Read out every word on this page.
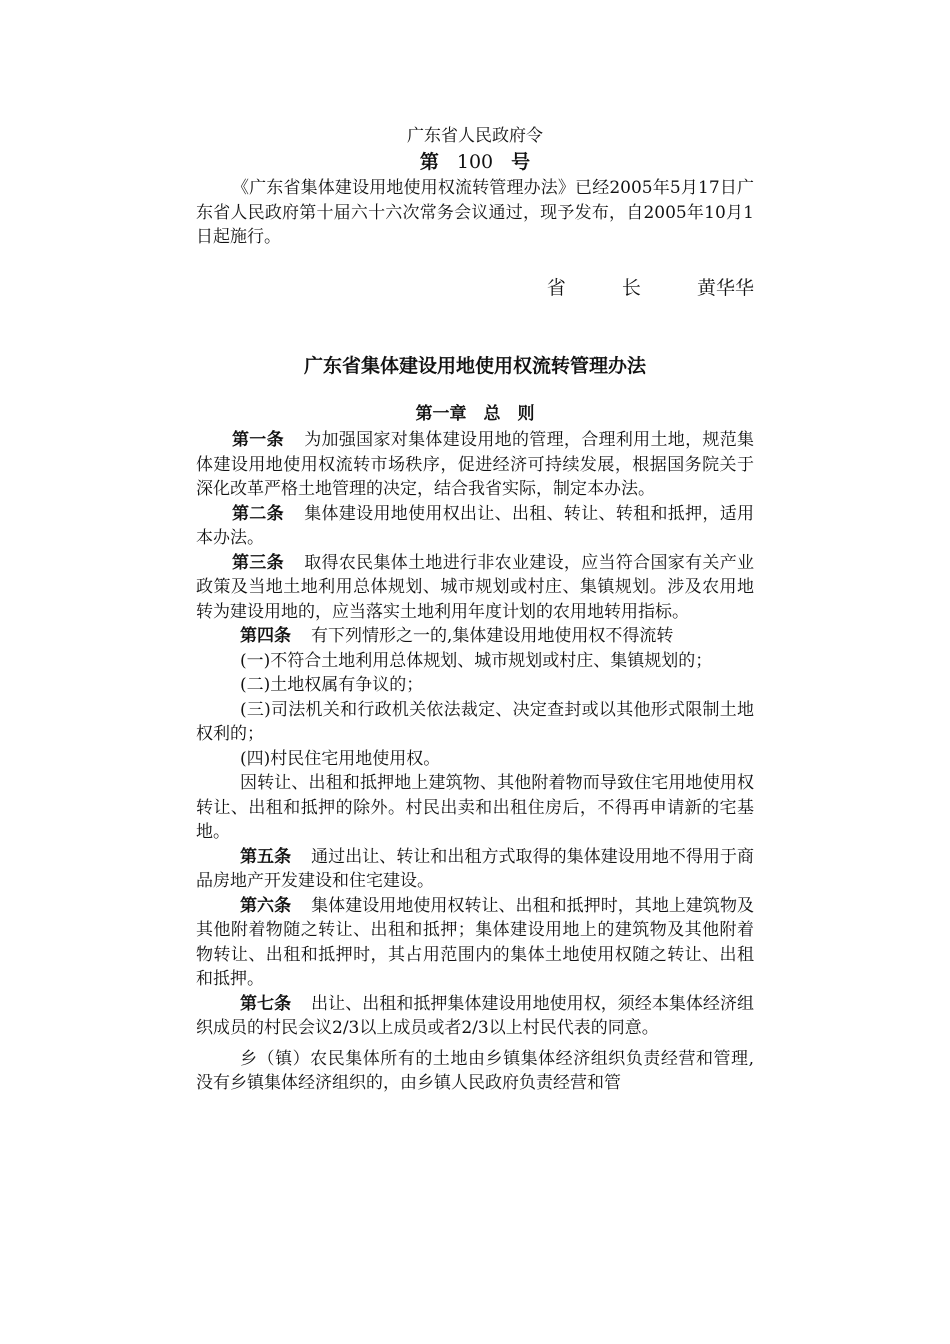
广东省人民政府令
第 100 号

《广东省集体建设用地使用权流转管理办法》已经2005年5月17日广东省人民政府第十届六十六次常务会议通过，现予发布，自2005年10月1日起施行。

省	长	黄华华
广东省集体建设用地使用权流转管理办法
第一章　总　则

第一条 为加强国家对集体建设用地的管理，合理利用土地，规范集体建设用地使用权流转市场秩序，促进经济可持续发展，根据国务院关于深化改革严格土地管理的决定，结合我省实际，制定本办法。

第二条 集体建设用地使用权出让、出租、转让、转租和抵押，适用本办法。

第三条 取得农民集体土地进行非农业建设，应当符合国家有关产业政策及当地土地利用总体规划、城市规划或村庄、集镇规划。涉及农用地转为建设用地的，应当落实土地利用年度计划的农用地转用指标。

第四条 有下列情形之一的,集体建设用地使用权不得流转

(一)不符合土地利用总体规划、城市规划或村庄、集镇规划的；

(二)土地权属有争议的；

(三)司法机关和行政机关依法裁定、决定查封或以其他形式限制土地权利的；

(四)村民住宅用地使用权。

因转让、出租和抵押地上建筑物、其他附着物而导致住宅用地使用权转让、出租和抵押的除外。村民出卖和出租住房后，不得再申请新的宅基地。

第五条 通过出让、转让和出租方式取得的集体建设用地不得用于商品房地产开发建设和住宅建设。

第六条 集体建设用地使用权转让、出租和抵押时，其地上建筑物及其他附着物随之转让、出租和抵押；集体建设用地上的建筑物及其他附着物转让、出租和抵押时，其占用范围内的集体土地使用权随之转让、出租和抵押。

第七条 出让、出租和抵押集体建设用地使用权，须经本集体经济组织成员的村民会议2/3以上成员或者2/3以上村民代表的同意。

乡（镇）农民集体所有的土地由乡镇集体经济组织负责经营和管理,没有乡镇集体经济组织的，由乡镇人民政府负责经营和管
